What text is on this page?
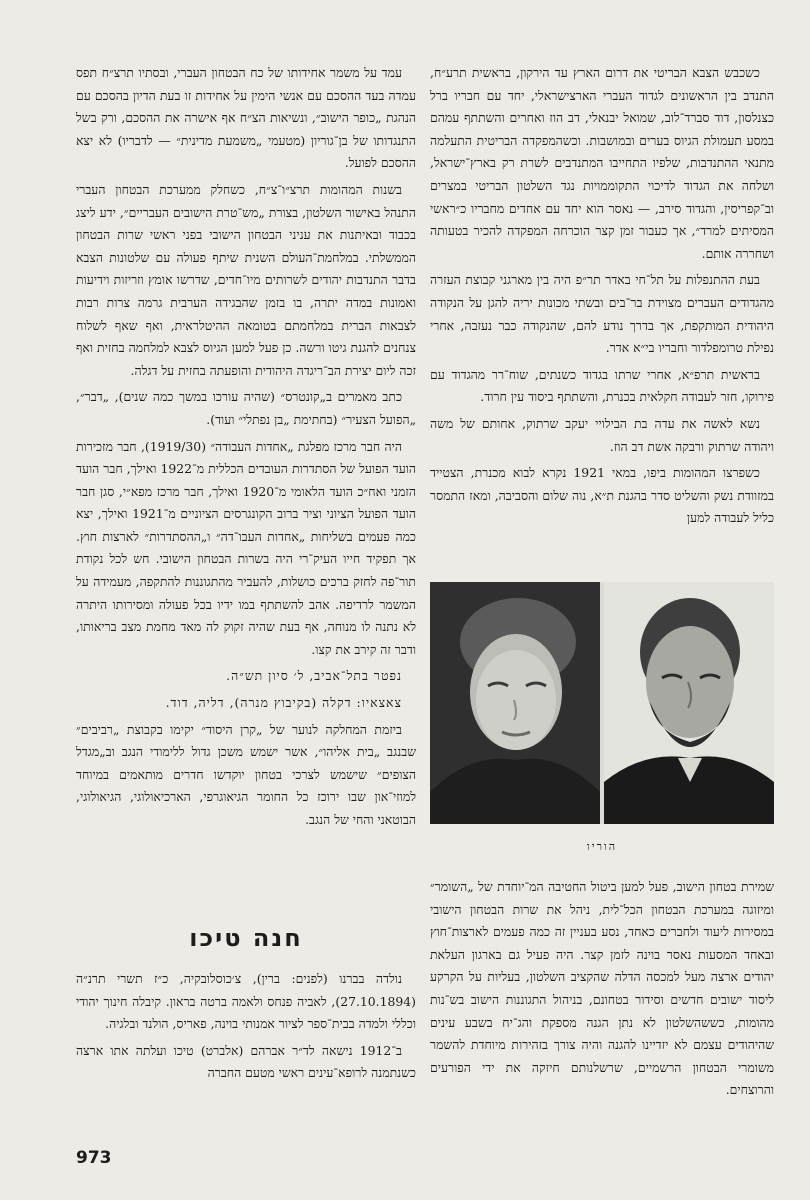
כשכבש הצבא הבריטי את דרום הארץ עד הירקון, בראשית תרע״ח, התנדב בין הראשונים לגדוד העברי הארצישראלי, יחד עם חבריו ברל כצנלסון, דוד סברד־לוב, שמואל יבנאלי, דב הוז ואחרים והשתתף עמהם במסע תעמולת הגיוס בערים ובמושבות. וכשהמפקדה הבריטית התעלמה מתנאי ההתנדבות, שלפיו התחייבו המתנדבים לשרת רק בארץ־ישראל, ושלחה את הגדוד לדיכוי התקוממויות נגד השלטון הבריטי במצרים וב־קפריסין, והגדוד סירב, — נאסר הוא יחד עם אחדים מחבריו כ״ראשי המסיתים למרד״, אך כעבור זמן קצר הוכרחה המפקדה להכיר בטעותה ושחררה אותם.

בעת ההתנפלות על תל־חי באדר תר״פ היה בין מארגני קבוצת העזרה מהגדודים העברים מצוידת בר־בים ובשתי מכונות יריה להגן על הנקודה היהודית המותקפת, אך בדרך נודע להם, שהנקודה כבר נעזבה, אחרי נפילת טרומפלדור וחבריו בי״א אדר.

בראשית תרפ״א, אחרי שרתו בגדוד כשנתים, שוח־רר מהגדוד עם פירוקו, חזר לעבודה חקלאית בכנרת, והשתתף ביסוד עין חרוד.

נשא לאשה את עדה בת הבילויי יעקב שרתוק, אחותם של משה ויהודה שרתוק ורבקה אשת דב הוז.

כשפרצו המהומות ביפו, במאי 1921 נקרא לבוא מכנרת, הצטייד במזוודת נשק והשליט סדר בהגנת ת״א, נוה שלום והסביבה, ומאז התמסר כליל לעבודה למען

הוריו

שמירת בטחון הישוב, פעל למען ביטול החטיבה המ־יוחדת של „השומר״ ומיזוגה במערכת הבטחון הכל־לית, ניהל את שרות הבטחון הישובי במסירות ליעוד ולחברים כאחד, נסע בעניין זה כמה פעמים לארצות־חוץ ובאחד המסעות נאסר בוינה לזמן קצר. היה פעיל גם בארגון העלאת יהודים ארצה מעל למכסה הדלה שהקציב השלטון, בעליות על הקרקע ליסוד ישובים חדשים וסידור בטחונם, בניהול התגוננות הישוב בש־נות מהומות, כששהשלטון לא נתן הגנה מספקת והג־יח בשבע עינים שהיהודים עצמם לא יזדיינו להגנה והיה צורך בזהירות מיוחדת להשמר משומרי הבטחון הרשמיים, שרשלנותם חיזקה את ידי הפורעים והרוצחים.

עמד על משמר אחידותו של כח הבטחון העברי, ובסתיו תרצ״ח תפס עמדה בעד ההסכם עם אנשי הימין על אחידות זו בעת הדיון בהסכם עם הנהגת „כופר הישוב״, ונשיאות הצ״ח אף אישרה את ההסכם, ורק בשל התנגדותו של בן־גוריון (מטעמי „משמעת מדינית״ — לדבריו) לא יצא ההסכם לפועל.

בשנות המהומות תרצ״ו־צ״ח, כשחלק ממערכת הבטחון העברי התנהל באישור השלטון, בצורת „מש־טרת הישובים העבריים״, ידע ליצג בכבוד ובאיתנות את עניני הבטחון הישובי בפני ראשי שרות הבטחון הממשלתי. במלחמת־העולם השנית שיתף פעולה עם שלטונות הצבא בדבר התנדבות יהודים לשרותים מיו־חדים, שדרשו אומץ וזריזות וידיעות ואמונות במדה יתרה, בו בזמן שהבגידה הערבית גרמה צרות רבות לצבאות הברית במלחמתם בטומאה ההיטלראית, ואף שאף לשלוח צנחנים להגנת גיטו ורשה. כן פעל למען הגיוס לצבא למלחמה בחזית ואף זכה ליום יצירת הב־ריגדה היהודית והופעתה בחזית על דגלה.

כתב מאמרים ב„קונטרס״ (שהיה עורכו במשך כמה שנים), „דבר״, „הפועל הצעיר״ (בחתימת „בן נפתלי״ ועוד).

היה חבר מרכז מפלגת „אחדות העבודה״ (1919/30), חבר מזכירות הועד הפועל של הסתדרות העובדים הכללית מ־1922 ואילך, חבר הועד הזמני ואח״כ הועד הלאומי מ־1920 ואילך, חבר מרכז מפא״י, סגן חבר הועד הפועל הציוני וציר ברוב הקונגרסים הציוניים מ־1921 ואילך, יצא כמה פעמים בשליחות „אחדות העבו־דה״ ו„ההסתדרות״ לארצות חוץ. אך תפקיד חייו העיק־רי היה בשרות הבטחון הישובי. חש לכל נקודת תור־פה לחזק ברכים כושלות, להעביר מהתגוננות להתקפה, מעמידה על המשמר לרדיפה. אהב להשתתף במו ידיו בכל פעולה ומסירותו היתרה לא נתנה לו מנוחה, אף בעת שהיה זקוק לה מאד מחמת מצב בריאותו, ודבר זה קירב את קצו.

נפטר בתל־אביב, ל׳ סיון תש״ה.

צאצאיו: דקלה (בקיבוץ מנרה), דליה, דוד.

ביזמת המחלקה לנוער של „קרן היסוד״ יקימו בקבוצת „רביבים״ שבנגב „בית אליהו״, אשר ישמש משכן גדול ללימודי הנגב וב„מגדל הצופים״ שישמש לצרכי בטחון יוקדשו חדרים מותאמים במיוחד למוזי־און שבו ירוכז כל החומר הגיאוגרפי, הארכיאולוגי, הגיאולוגי, הבוטאני והחי של הנגב.

חנה טיכו

נולדה בברנו (לפנים: ברין), צ׳כוסלובקיה, כ״ז תשרי תרנ״ה (27.10.1894), לאביה פנחס ולאמה ברטה בראון. קיבלה חינוך יהודי וכללי ולמדה בבית־ספר לציור אמנותי בוינה, פאריס, הולנד ובלגיה.

ב־1912 נישאה לד״ר אברהם (אלברט) טיכו ועלתה אתו ארצה כשנתמנה לרופא־עינים ראשי מטעם החברה

973
